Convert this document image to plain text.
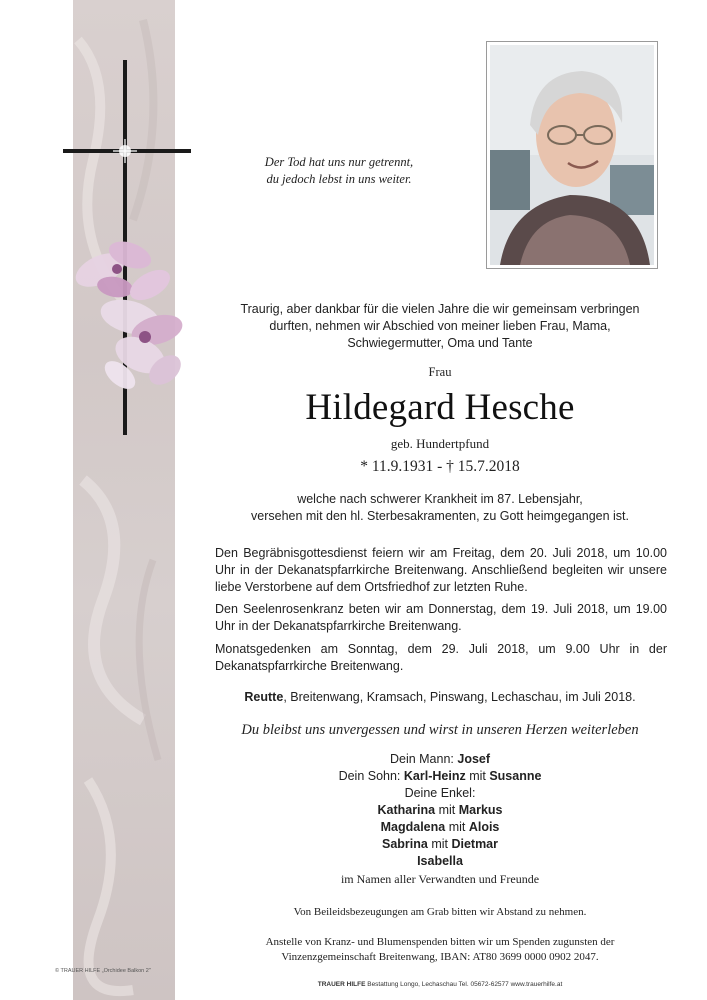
Der Tod hat uns nur getrennt,
du jedoch lebst in uns weiter.
Traurig, aber dankbar für die vielen Jahre die wir gemeinsam verbringen
durften, nehmen wir Abschied von meiner lieben Frau, Mama,
Schwiegermutter, Oma und Tante
Frau
Hildegard Hesche
geb. Hundertpfund
* 11.9.1931 - † 15.7.2018
welche nach schwerer Krankheit im 87. Lebensjahr,
versehen mit den hl. Sterbesakramenten, zu Gott heimgegangen ist.
Den Begräbnisgottesdienst feiern wir am Freitag, dem 20. Juli 2018, um 10.00 Uhr in der Dekanatspfarrkirche Breitenwang. Anschließend begleiten wir unsere liebe Verstorbene auf dem Ortsfriedhof zur letzten Ruhe.
Den Seelenrosenkranz beten wir am Donnerstag, dem 19. Juli 2018, um 19.00 Uhr in der Dekanatspfarrkirche Breitenwang.
Monatsgedenken am Sonntag, dem 29. Juli 2018, um 9.00 Uhr in der Dekanatspfarrkirche Breitenwang.
Reutte, Breitenwang, Kramsach, Pinswang, Lechaschau, im Juli 2018.
Du bleibst uns unvergessen und wirst in unseren Herzen weiterleben
Dein Mann: Josef
Dein Sohn: Karl-Heinz mit Susanne
Deine Enkel:
Katharina mit Markus
Magdalena mit Alois
Sabrina mit Dietmar
Isabella
im Namen aller Verwandten und Freunde
Von Beileidsbezeugungen am Grab bitten wir Abstand zu nehmen.
Anstelle von Kranz- und Blumenspenden bitten wir um Spenden zugunsten der
Vinzenzgemeinschaft Breitenwang, IBAN: AT80 3699 0000 0902 2047.
© TRAUER HILFE „Orchidee Balkon 2"
TRAUER HILFE Bestattung Longo, Lechaschau Tel. 05672-62577 www.trauerhilfe.at
